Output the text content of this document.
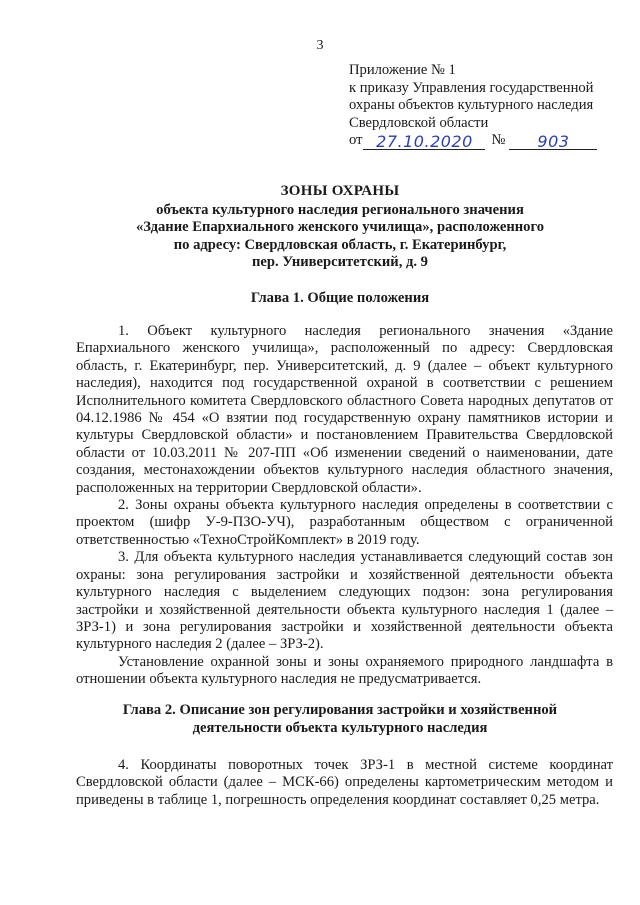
3
Приложение № 1
к приказу Управления государственной
охраны объектов культурного наследия
Свердловской области
от 27.10.2020	№	903
ЗОНЫ ОХРАНЫ
объекта культурного наследия регионального значения
«Здание Епархиального женского училища», расположенного
по адресу: Свердловская область, г. Екатеринбург,
пер. Университетский, д. 9
Глава 1. Общие положения

1. Объект культурного наследия регионального значения «Здание Епархиального женского училища», расположенный по адресу: Свердловская область, г. Екатеринбург, пер. Университетский, д. 9 (далее – объект культурного наследия), находится под государственной охраной в соответствии с решением Исполнительного комитета Свердловского областного Совета народных депутатов от 04.12.1986 № 454 «О взятии под государственную охрану памятников истории и культуры Свердловской области» и постановлением Правительства Свердловской области от 10.03.2011 № 207-ПП «Об изменении сведений о наименовании, дате создания, местонахождении объектов культурного наследия областного значения, расположенных на территории Свердловской области».

2. Зоны охраны объекта культурного наследия определены в соответствии с проектом (шифр У-9-ПЗО-УЧ), разработанным обществом с ограниченной ответственностью «ТехноСтройКомплект» в 2019 году.

3. Для объекта культурного наследия устанавливается следующий состав зон охраны: зона регулирования застройки и хозяйственной деятельности объекта культурного наследия с выделением следующих подзон: зона регулирования застройки и хозяйственной деятельности объекта культурного наследия 1 (далее – ЗРЗ-1) и зона регулирования застройки и хозяйственной деятельности объекта культурного наследия 2 (далее – ЗРЗ-2).

Установление охранной зоны и зоны охраняемого природного ландшафта в отношении объекта культурного наследия не предусматривается.

Глава 2. Описание зон регулирования застройки и хозяйственной
деятельности объекта культурного наследия

4. Координаты поворотных точек ЗРЗ-1 в местной системе координат Свердловской области (далее – МСК-66) определены картометрическим методом и приведены в таблице 1, погрешность определения координат составляет 0,25 метра.
